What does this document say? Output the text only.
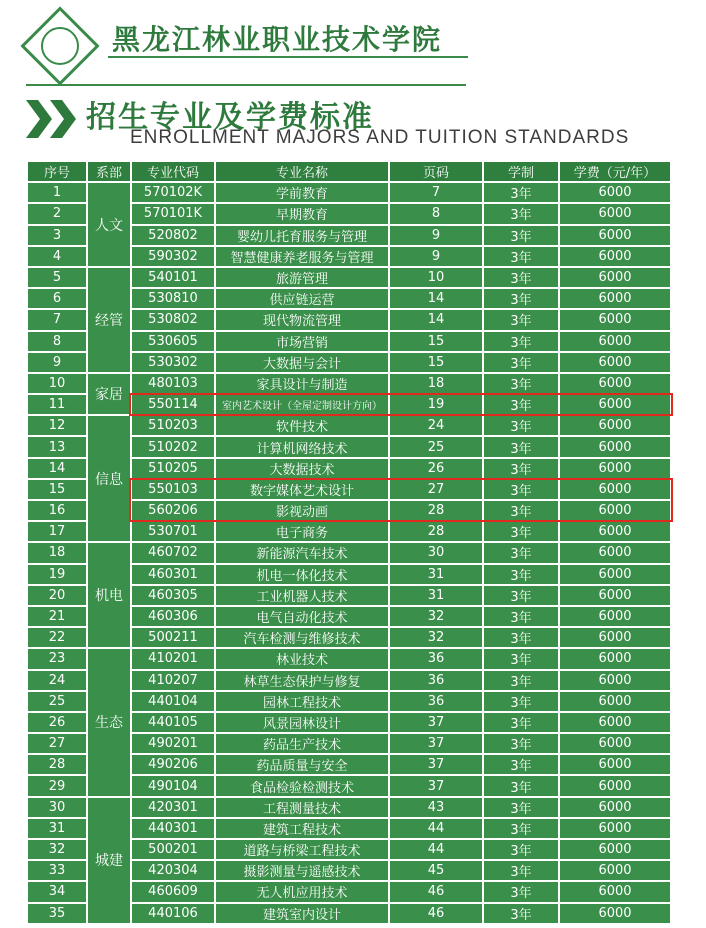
黑龙江林业职业技术学院
招生专业及学费标准
ENROLLMENT MAJORS AND TUITION STANDARDS
序号	系部	专业代码	专业名称	页码	学制	学费（元/年）
1	人文	570102K	学前教育	7	3年	6000
2		570101K	早期教育	8	3年	6000
3		520802	婴幼儿托育服务与管理	9	3年	6000
4		590302	智慧健康养老服务与管理	9	3年	6000
5	经管	540101	旅游管理	10	3年	6000
6		530810	供应链运营	14	3年	6000
7		530802	现代物流管理	14	3年	6000
8		530605	市场营销	15	3年	6000
9		530302	大数据与会计	15	3年	6000
10	家居	480103	家具设计与制造	18	3年	6000
11		550114	室内艺术设计（全屋定制设计方向）	19	3年	6000
12	信息	510203	软件技术	24	3年	6000
13		510202	计算机网络技术	25	3年	6000
14		510205	大数据技术	26	3年	6000
15		550103	数字媒体艺术设计	27	3年	6000
16		560206	影视动画	28	3年	6000
17		530701	电子商务	28	3年	6000
18	机电	460702	新能源汽车技术	30	3年	6000
19		460301	机电一体化技术	31	3年	6000
20		460305	工业机器人技术	31	3年	6000
21		460306	电气自动化技术	32	3年	6000
22		500211	汽车检测与维修技术	32	3年	6000
23	生态	410201	林业技术	36	3年	6000
24		410207	林草生态保护与修复	36	3年	6000
25		440104	园林工程技术	36	3年	6000
26		440105	风景园林设计	37	3年	6000
27		490201	药品生产技术	37	3年	6000
28		490206	药品质量与安全	37	3年	6000
29		490104	食品检验检测技术	37	3年	6000
30	城建	420301	工程测量技术	43	3年	6000
31		440301	建筑工程技术	44	3年	6000
32		500201	道路与桥梁工程技术	44	3年	6000
33		420304	摄影测量与遥感技术	45	3年	6000
34		460609	无人机应用技术	46	3年	6000
35		440106	建筑室内设计	46	3年	6000
